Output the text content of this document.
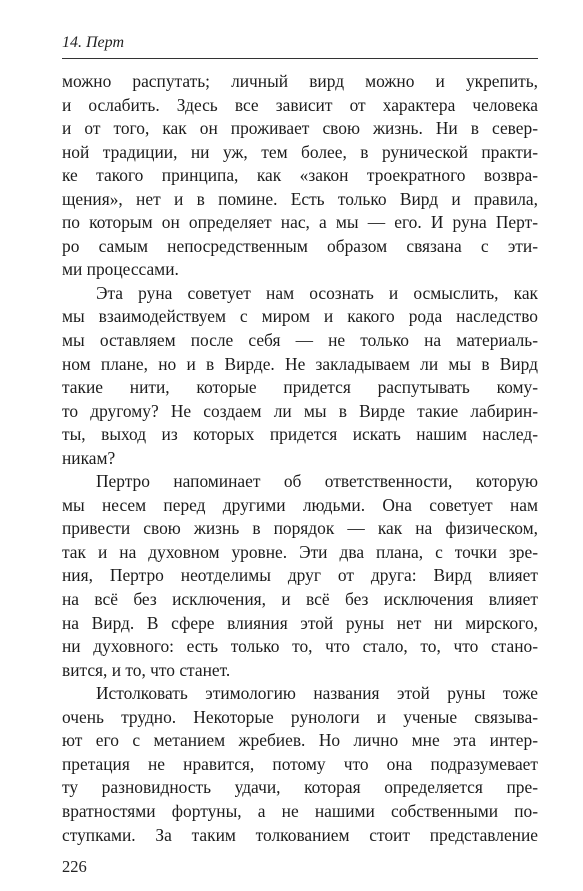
14. Перт
можно распутать; личный вирд можно и укрепить,
и ослабить. Здесь все зависит от характера человека
и от того, как он проживает свою жизнь. Ни в север-
ной традиции, ни уж, тем более, в рунической практи-
ке такого принципа, как «закон троекратного возвра-
щения», нет и в помине. Есть только Вирд и правила,
по которым он определяет нас, а мы — его. И руна Перт-
ро самым непосредственным образом связана с эти-
ми процессами.
Эта руна советует нам осознать и осмыслить, как
мы взаимодействуем с миром и какого рода наследство
мы оставляем после себя — не только на материаль-
ном плане, но и в Вирде. Не закладываем ли мы в Вирд
такие нити, которые придется распутывать кому-
то другому? Не создаем ли мы в Вирде такие лабирин-
ты, выход из которых придется искать нашим наслед-
никам?
Пертро напоминает об ответственности, которую
мы несем перед другими людьми. Она советует нам
привести свою жизнь в порядок — как на физическом,
так и на духовном уровне. Эти два плана, с точки зре-
ния, Пертро неотделимы друг от друга: Вирд влияет
на всё без исключения, и всё без исключения влияет
на Вирд. В сфере влияния этой руны нет ни мирского,
ни духовного: есть только то, что стало, то, что стано-
вится, и то, что станет.
Истолковать этимологию названия этой руны тоже
очень трудно. Некоторые рунологи и ученые связыва-
ют его с метанием жребиев. Но лично мне эта интер-
претация не нравится, потому что она подразумевает
ту разновидность удачи, которая определяется пре-
вратностями фортуны, а не нашими собственными по-
ступками. За таким толкованием стоит представление
226
